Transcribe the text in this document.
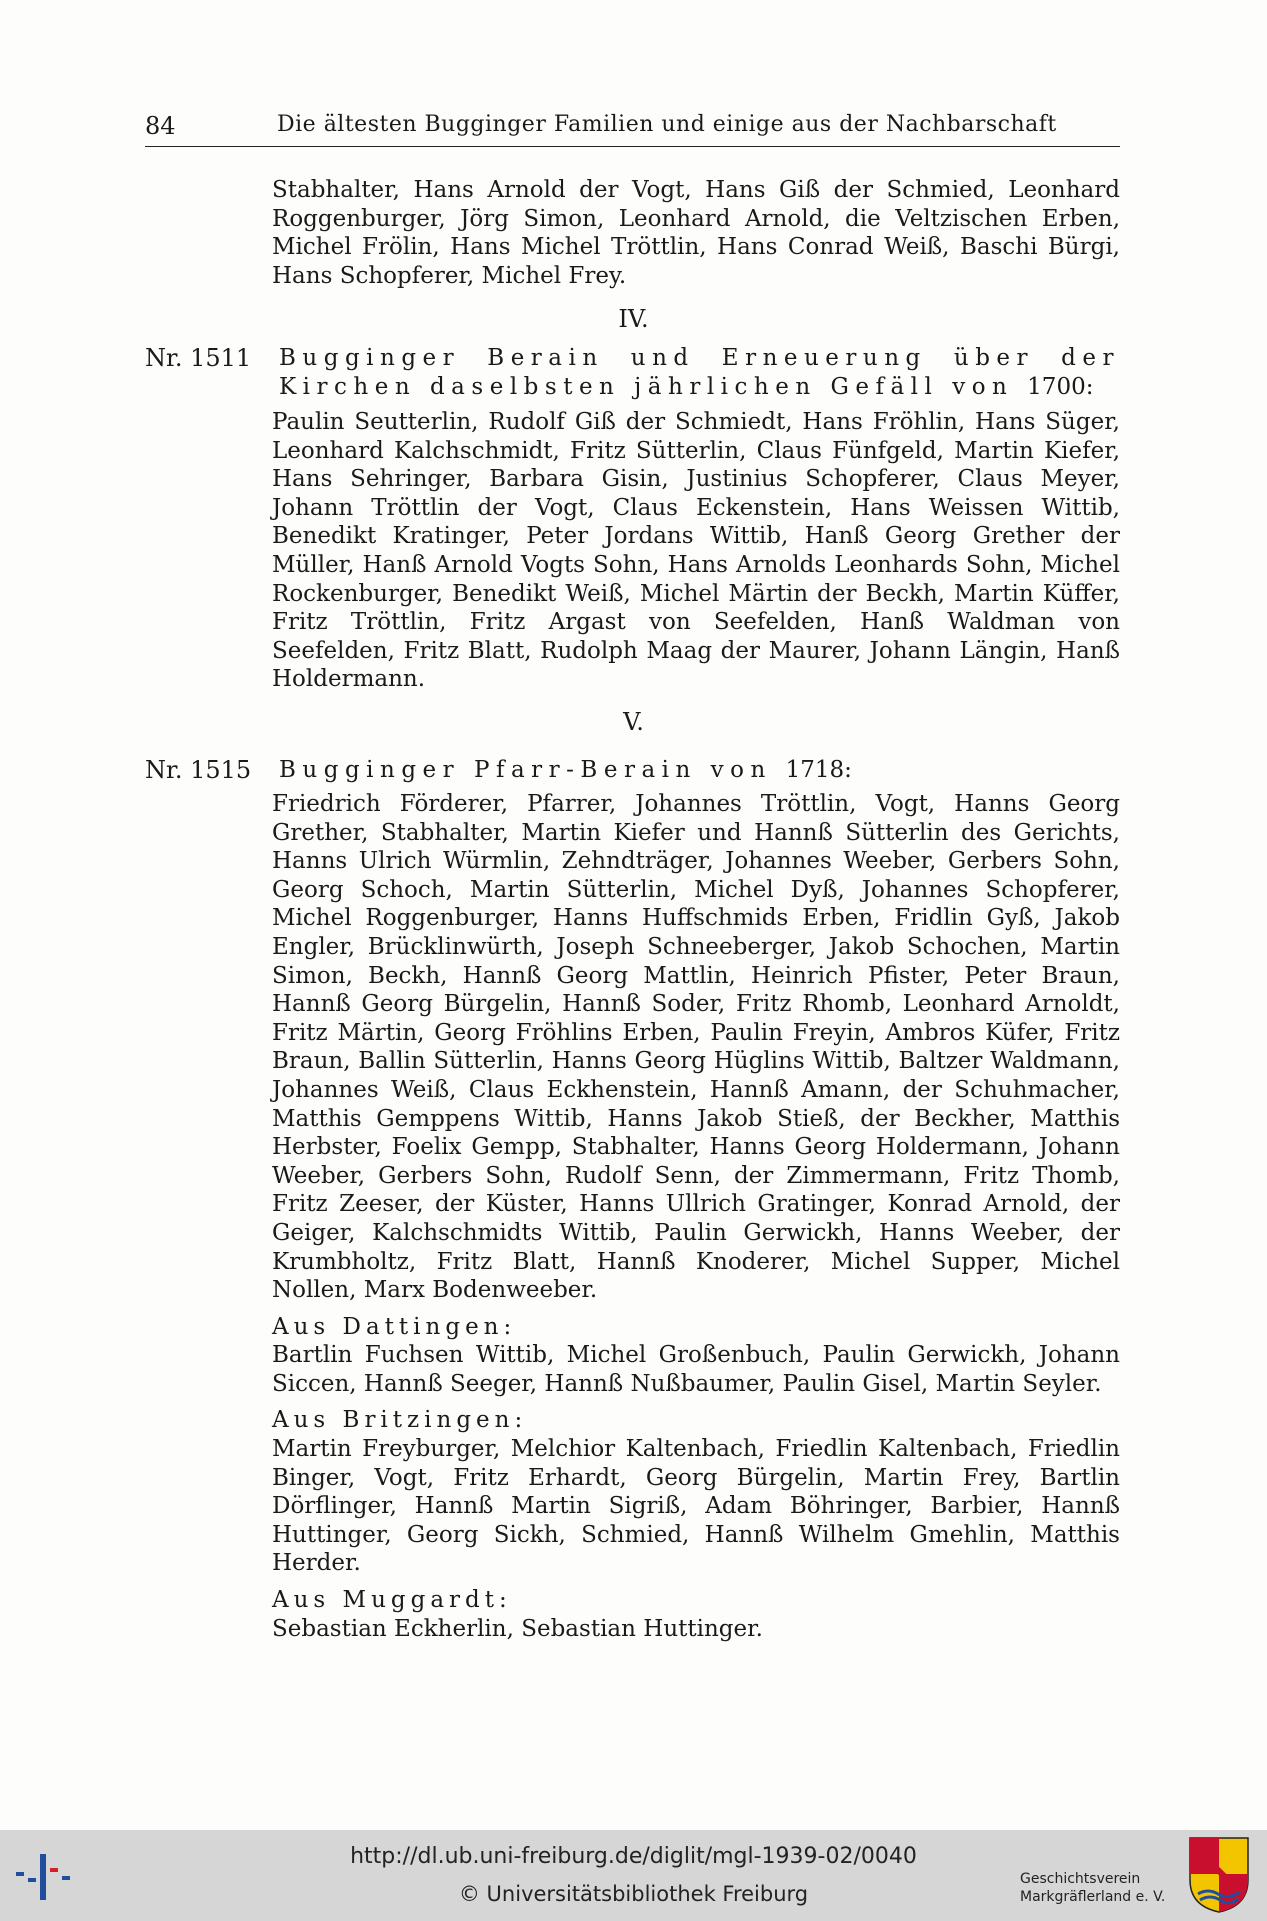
84	Die ältesten Bugginger Familien und einige aus der Nachbarschaft
Stabhalter, Hans Arnold der Vogt, Hans Giß der Schmied, Leonhard Roggenburger, Jörg Simon, Leonhard Arnold, die Veltzischen Erben, Michel Frölin, Hans Michel Tröttlin, Hans Conrad Weiß, Baschi Bürgi, Hans Schopferer, Michel Frey.
IV.
Nr. 1511 Bugginger Berain und Erneuerung über der Kirchen daselbsten jährlichen Gefäll von 1700:
Paulin Seutterlin, Rudolf Giß der Schmiedt, Hans Fröhlin, Hans Süger, Leonhard Kalchschmidt, Fritz Sütterlin, Claus Fünfgeld, Martin Kiefer, Hans Sehringer, Barbara Gisin, Justinius Schopferer, Claus Meyer, Johann Tröttlin der Vogt, Claus Eckenstein, Hans Weissen Wittib, Benedikt Kratinger, Peter Jordans Wittib, Hanß Georg Grether der Müller, Hanß Arnold Vogts Sohn, Hans Arnolds Leonhards Sohn, Michel Rockenburger, Benedikt Weiß, Michel Märtin der Beckh, Martin Küffer, Fritz Tröttlin, Fritz Argast von Seefelden, Hanß Waldman von Seefelden, Fritz Blatt, Rudolph Maag der Maurer, Johann Längin, Hanß Holdermann.
V.
Nr. 1515 Bugginger Pfarr-Berain von 1718:
Friedrich Förderer, Pfarrer, Johannes Tröttlin, Vogt, Hanns Georg Grether, Stabhalter, Martin Kiefer und Hannß Sütterlin des Gerichts, Hanns Ulrich Würmlin, Zehndträger, Johannes Weeber, Gerbers Sohn, Georg Schoch, Martin Sütterlin, Michel Dyß, Johannes Schopferer, Michel Roggenburger, Hanns Huffschmids Erben, Fridlin Gyß, Jakob Engler, Brücklinwürth, Joseph Schneeberger, Jakob Schochen, Martin Simon, Beckh, Hannß Georg Mattlin, Heinrich Pfister, Peter Braun, Hannß Georg Bürgelin, Hannß Soder, Fritz Rhomb, Leonhard Arnoldt, Fritz Märtin, Georg Fröhlins Erben, Paulin Freyin, Ambros Küfer, Fritz Braun, Ballin Sütterlin, Hanns Georg Hüglins Wittib, Baltzer Waldmann, Johannes Weiß, Claus Eckhenstein, Hannß Amann, der Schuhmacher, Matthis Gemppens Wittib, Hanns Jakob Stieß, der Beckher, Matthis Herbster, Foelix Gempp, Stabhalter, Hanns Georg Holdermann, Johann Weeber, Gerbers Sohn, Rudolf Senn, der Zimmermann, Fritz Thomb, Fritz Zeeser, der Küster, Hanns Ullrich Gratinger, Konrad Arnold, der Geiger, Kalchschmidts Wittib, Paulin Gerwickh, Hanns Weeber, der Krumbholtz, Fritz Blatt, Hannß Knoderer, Michel Supper, Michel Nollen, Marx Bodenweeber.
Aus Dattingen:
Bartlin Fuchsen Wittib, Michel Großenbuch, Paulin Gerwickh, Johann Siccen, Hannß Seeger, Hannß Nußbaumer, Paulin Gisel, Martin Seyler.
Aus Britzingen:
Martin Freyburger, Melchior Kaltenbach, Friedlin Kaltenbach, Friedlin Binger, Vogt, Fritz Erhardt, Georg Bürgelin, Martin Frey, Bartlin Dörflinger, Hannß Martin Sigriß, Adam Böhringer, Barbier, Hannß Huttinger, Georg Sickh, Schmied, Hannß Wilhelm Gmehlin, Matthis Herder.
Aus Muggardt:
Sebastian Eckherlin, Sebastian Huttinger.
http://dl.ub.uni-freiburg.de/diglit/mgl-1939-02/0040
© Universitätsbibliothek Freiburg
Geschichtsverein
Markgräflerland e. V.
